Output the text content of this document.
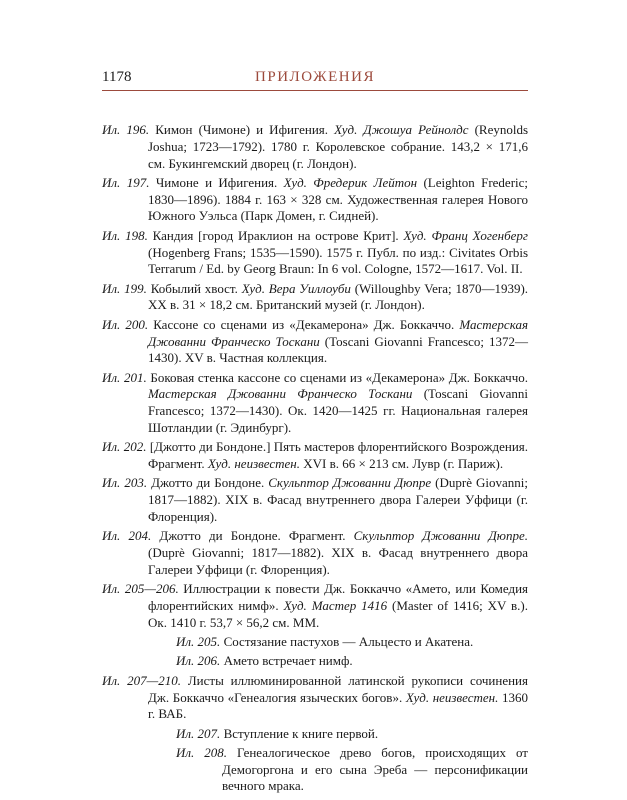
1178	ПРИЛОЖЕНИЯ

Ил. 196. Кимон (Чимоне) и Ифигения. Худ. Джошуа Рейнолдс (Reynolds Joshua; 1723—1792). 1780 г. Королевское собрание. 143,2 × 171,6 см. Букингемский дворец (г. Лондон).

Ил. 197. Чимоне и Ифигения. Худ. Фредерик Лейтон (Leighton Frederic; 1830—1896). 1884 г. 163 × 328 см. Художественная галерея Нового Южного Уэльса (Парк Домен, г. Сидней).

Ил. 198. Кандия [город Ираклион на острове Крит]. Худ. Франц Хогенберг (Hogenberg Frans; 1535—1590). 1575 г. Публ. по изд.: Civitates Orbis Terrarum / Ed. by Georg Braun: In 6 vol. Cologne, 1572—1617. Vol. II.

Ил. 199. Кобылий хвост. Худ. Вера Уиллоуби (Willoughby Vera; 1870—1939). XX в. 31 × 18,2 см. Британский музей (г. Лондон).

Ил. 200. Кассоне со сценами из «Декамерона» Дж. Боккаччо. Мастерская Джованни Франческо Тоскани (Toscani Giovanni Francesco; 1372—1430). XV в. Частная коллекция.

Ил. 201. Боковая стенка кассоне со сценами из «Декамерона» Дж. Боккаччо. Мастерская Джованни Франческо Тоскани (Toscani Giovanni Francesco; 1372—1430). Ок. 1420—1425 гг. Национальная галерея Шотландии (г. Эдинбург).

Ил. 202. [Джотто ди Бондоне.] Пять мастеров флорентийского Возрождения. Фрагмент. Худ. неизвестен. XVI в. 66 × 213 см. Лувр (г. Париж).

Ил. 203. Джотто ди Бондоне. Скульптор Джованни Дюпре (Duprè Giovanni; 1817—1882). XIX в. Фасад внутреннего двора Галереи Уффици (г. Флоренция).

Ил. 204. Джотто ди Бондоне. Фрагмент. Скульптор Джованни Дюпре. (Duprè Giovanni; 1817—1882). XIX в. Фасад внутреннего двора Галереи Уффици (г. Флоренция).

Ил. 205—206. Иллюстрации к повести Дж. Боккаччо «Амето, или Комедия флорентийских нимф». Худ. Мастер 1416 (Master of 1416; XV в.). Ок. 1410 г. 53,7 × 56,2 см. ММ.

Ил. 205. Состязание пастухов — Альцесто и Акатена.

Ил. 206. Амето встречает нимф.

Ил. 207—210. Листы иллюминированной латинской рукописи сочинения Дж. Боккаччо «Генеалогия языческих богов». Худ. неизвестен. 1360 г. ВАБ.

Ил. 207. Вступление к книге первой.

Ил. 208. Генеалогическое древо богов, происходящих от Демогоргона и его сына Эреба — персонификации вечного мрака.
